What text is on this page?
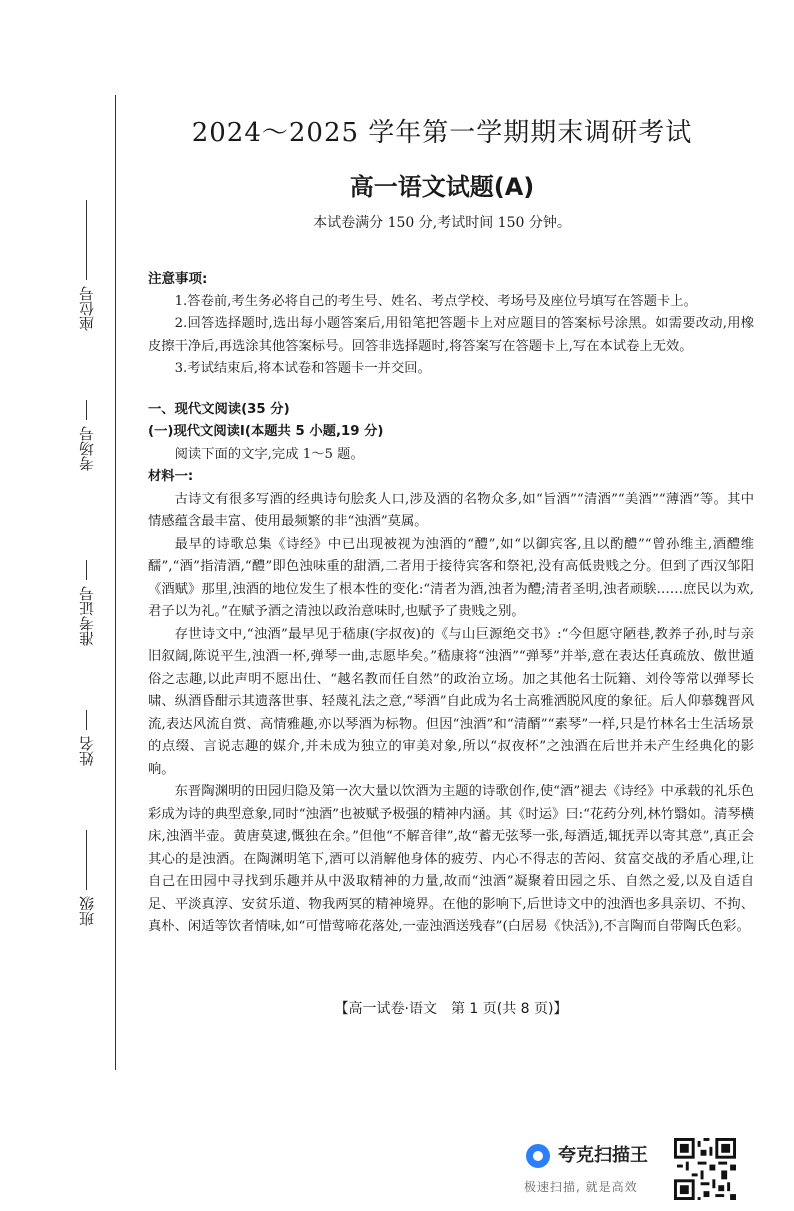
座位号
考场号
准考证号
姓名
班级
2024～2025 学年第一学期期末调研考试
高一语文试题(A)
本试卷满分 150 分,考试时间 150 分钟。
注意事项:

1.答卷前,考生务必将自己的考生号、姓名、考点学校、考场号及座位号填写在答题卡上。

2.回答选择题时,选出每小题答案后,用铅笔把答题卡上对应题目的答案标号涂黑。如需要改动,用橡皮擦干净后,再选涂其他答案标号。回答非选择题时,将答案写在答题卡上,写在本试卷上无效。

3.考试结束后,将本试卷和答题卡一并交回。

一、现代文阅读(35 分)
(一)现代文阅读Ⅰ(本题共 5 小题,19 分)

阅读下面的文字,完成 1～5 题。

材料一:

古诗文有很多写酒的经典诗句脍炙人口,涉及酒的名物众多,如“旨酒”“清酒”“美酒”“薄酒”等。其中情感蕴含最丰富、使用最频繁的非“浊酒”莫属。

最早的诗歌总集《诗经》中已出现被视为浊酒的“醴”,如“以御宾客,且以酌醴”“曾孙维主,酒醴维醹”,“酒”指清酒,“醴”即色浊味重的甜酒,二者用于接待宾客和祭祀,没有高低贵贱之分。但到了西汉邹阳《酒赋》那里,浊酒的地位发生了根本性的变化:“清者为酒,浊者为醴;清者圣明,浊者顽騃……庶民以为欢,君子以为礼。”在赋予酒之清浊以政治意味时,也赋予了贵贱之别。

存世诗文中,“浊酒”最早见于嵇康(字叔夜)的《与山巨源绝交书》:“今但愿守陋巷,教养子孙,时与亲旧叙阔,陈说平生,浊酒一杯,弹琴一曲,志愿毕矣。”嵇康将“浊酒”“弹琴”并举,意在表达任真疏放、傲世遁俗之志趣,以此声明不愿出仕、“越名教而任自然”的政治立场。加之其他名士阮籍、刘伶等常以弹琴长啸、纵酒昏酣示其遗落世事、轻蔑礼法之意,“琴酒”自此成为名士高雅洒脱风度的象征。后人仰慕魏晋风流,表达风流自赏、高情雅趣,亦以琴酒为标物。但因“浊酒”和“清醑”“素琴”一样,只是竹林名士生活场景的点缀、言说志趣的媒介,并未成为独立的审美对象,所以“叔夜杯”之浊酒在后世并未产生经典化的影响。

东晋陶渊明的田园归隐及第一次大量以饮酒为主题的诗歌创作,使“酒”褪去《诗经》中承载的礼乐色彩成为诗的典型意象,同时“浊酒”也被赋予极强的精神内涵。其《时运》曰:“花药分列,林竹翳如。清琴横床,浊酒半壶。黄唐莫逮,慨独在余。”但他“不解音律”,故“蓄无弦琴一张,每酒适,辄抚弄以寄其意”,真正会其心的是浊酒。在陶渊明笔下,酒可以消解他身体的疲劳、内心不得志的苦闷、贫富交战的矛盾心理,让自己在田园中寻找到乐趣并从中汲取精神的力量,故而“浊酒”凝聚着田园之乐、自然之爱,以及自适自足、平淡真淳、安贫乐道、物我两冥的精神境界。在他的影响下,后世诗文中的浊酒也多具亲切、不拘、真朴、闲适等饮者情味,如“可惜莺啼花落处,一壶浊酒送残春”(白居易《快活》),不言陶而自带陶氏色彩。

【高一试卷·语文　第 1 页(共 8 页)】
夸克扫描王
极速扫描, 就是高效
